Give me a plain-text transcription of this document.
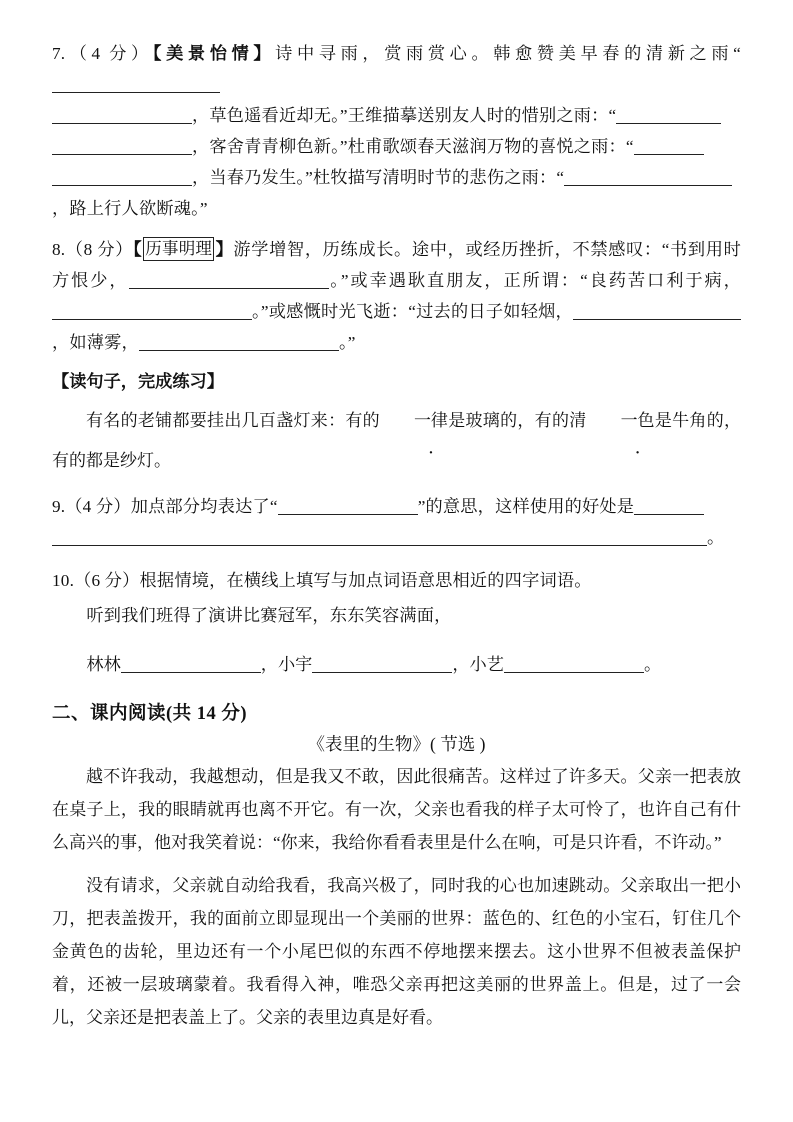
7.（4 分）【美景怡情】诗中寻雨，赏雨赏心。韩愈赞美早春的清新之雨“
，草色遥看近却无。”王维描摹送别友人时的惜别之雨：“
，客舍青青柳色新。”杜甫歌颂春天滋润万物的喜悦之雨：“
，当春乃发生。”杜牧描写清明时节的悲伤之雨：“
，路上行人欲断魂。”

8.（8 分）【 历事明理 】游学增智，历练成长。途中，或经历挫折，不禁感叹：“书到用时方恨少，	。”或幸遇耿直朋友，正所谓：“良药苦口利于病，。”或感慨时光飞逝：“过去的日子如轻烟，，如薄雾，	。”

【读句子，完成练习】

有名的老铺都要挂出几百盏灯来：有的 一律是玻璃的，有的清 一色是牛角的，有的都是纱灯。

9.（4 分）加点部分均表达了“	”的意思，这样使用的好处是
。

10.（6 分）根据情境，在横线上填写与加点词语意思相近的四字词语。

听到我们班得了演讲比赛冠军，东东笑容满面，

林林	，小宇	，小艺	。

二、课内阅读(共 14 分)

《表里的生物》( 节选 )

越不许我动，我越想动，但是我又不敢，因此很痛苦。这样过了许多天。父亲一把表放在桌子上，我的眼睛就再也离不开它。有一次，父亲也看我的样子太可怜了，也许自己有什么高兴的事，他对我笑着说：“你来，我给你看看表里是什么在响，可是只许看，不许动。”

没有请求，父亲就自动给我看，我高兴极了，同时我的心也加速跳动。父亲取出一把小刀，把表盖拨开，我的面前立即显现出一个美丽的世界：蓝色的、红色的小宝石，钉住几个金黄色的齿轮，里边还有一个小尾巴似的东西不停地摆来摆去。这小世界不但被表盖保护着，还被一层玻璃蒙着。我看得入神，唯恐父亲再把这美丽的世界盖上。但是，过了一会儿，父亲还是把表盖上了。父亲的表里边真是好看。
